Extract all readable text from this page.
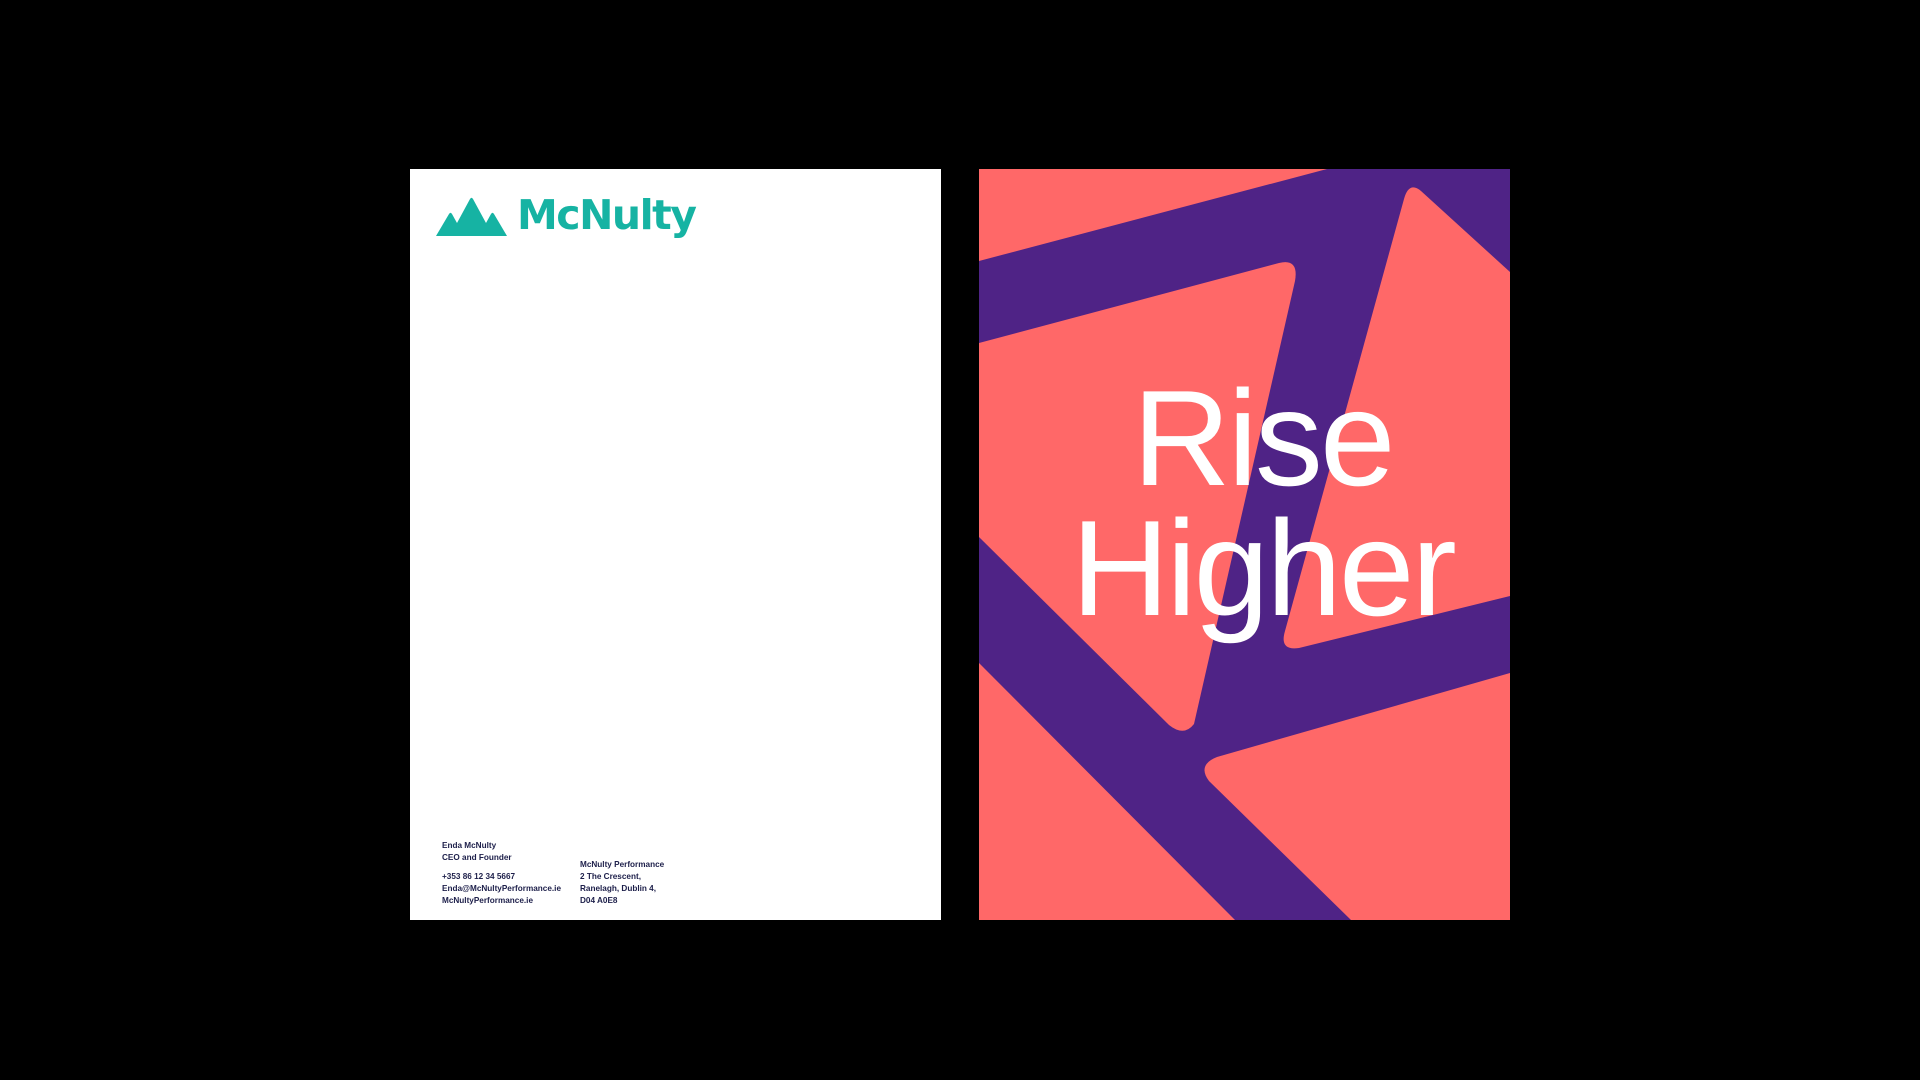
McNulty
Enda McNulty
CEO and Founder
+353 86 12 34 5667
Enda@McNultyPerformance.ie
McNultyPerformance.ie
McNulty Performance
2 The Crescent,
Ranelagh, Dublin 4,
D04 A0E8
Rise
Higher
